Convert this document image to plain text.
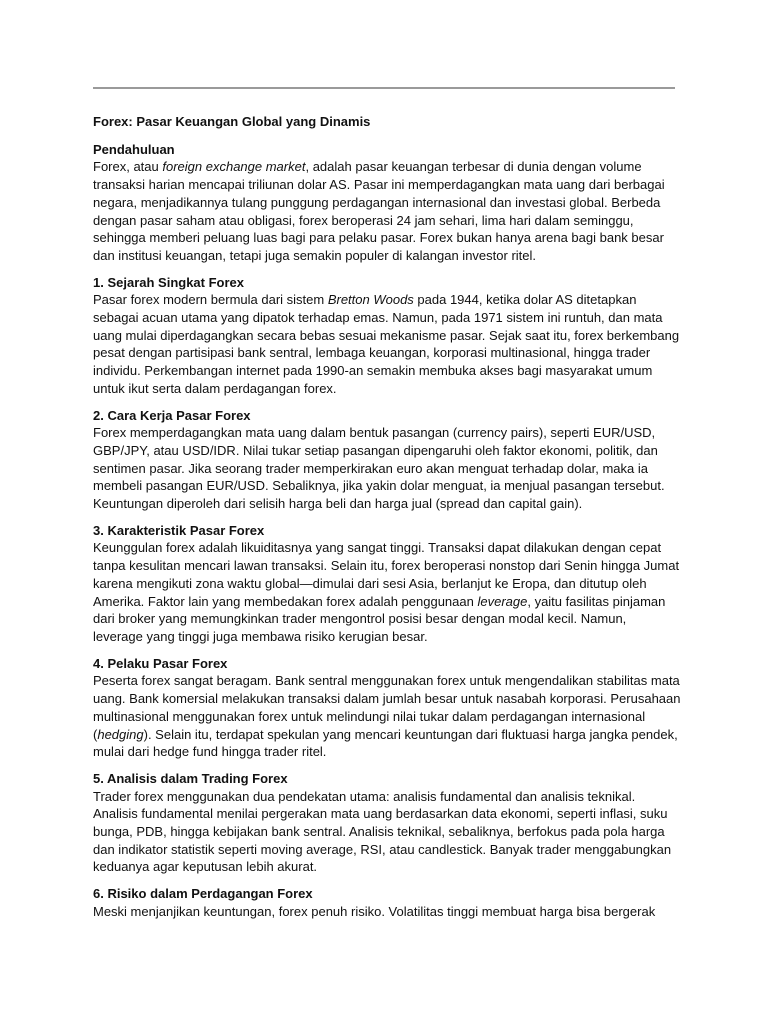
Forex: Pasar Keuangan Global yang Dinamis

Pendahuluan

Forex, atau foreign exchange market, adalah pasar keuangan terbesar di dunia dengan volume
transaksi harian mencapai triliunan dolar AS. Pasar ini memperdagangkan mata uang dari berbagai
negara, menjadikannya tulang punggung perdagangan internasional dan investasi global. Berbeda
dengan pasar saham atau obligasi, forex beroperasi 24 jam sehari, lima hari dalam seminggu,
sehingga memberi peluang luas bagi para pelaku pasar. Forex bukan hanya arena bagi bank besar
dan institusi keuangan, tetapi juga semakin populer di kalangan investor ritel.

1. Sejarah Singkat Forex

Pasar forex modern bermula dari sistem Bretton Woods pada 1944, ketika dolar AS ditetapkan
sebagai acuan utama yang dipatok terhadap emas. Namun, pada 1971 sistem ini runtuh, dan mata
uang mulai diperdagangkan secara bebas sesuai mekanisme pasar. Sejak saat itu, forex berkembang
pesat dengan partisipasi bank sentral, lembaga keuangan, korporasi multinasional, hingga trader
individu. Perkembangan internet pada 1990-an semakin membuka akses bagi masyarakat umum
untuk ikut serta dalam perdagangan forex.

2. Cara Kerja Pasar Forex

Forex memperdagangkan mata uang dalam bentuk pasangan (currency pairs), seperti EUR/USD,
GBP/JPY, atau USD/IDR. Nilai tukar setiap pasangan dipengaruhi oleh faktor ekonomi, politik, dan
sentimen pasar. Jika seorang trader memperkirakan euro akan menguat terhadap dolar, maka ia
membeli pasangan EUR/USD. Sebaliknya, jika yakin dolar menguat, ia menjual pasangan tersebut.
Keuntungan diperoleh dari selisih harga beli dan harga jual (spread dan capital gain).

3. Karakteristik Pasar Forex

Keunggulan forex adalah likuiditasnya yang sangat tinggi. Transaksi dapat dilakukan dengan cepat
tanpa kesulitan mencari lawan transaksi. Selain itu, forex beroperasi nonstop dari Senin hingga Jumat
karena mengikuti zona waktu global—dimulai dari sesi Asia, berlanjut ke Eropa, dan ditutup oleh
Amerika. Faktor lain yang membedakan forex adalah penggunaan leverage, yaitu fasilitas pinjaman
dari broker yang memungkinkan trader mengontrol posisi besar dengan modal kecil. Namun,
leverage yang tinggi juga membawa risiko kerugian besar.

4. Pelaku Pasar Forex

Peserta forex sangat beragam. Bank sentral menggunakan forex untuk mengendalikan stabilitas mata
uang. Bank komersial melakukan transaksi dalam jumlah besar untuk nasabah korporasi. Perusahaan
multinasional menggunakan forex untuk melindungi nilai tukar dalam perdagangan internasional
(hedging). Selain itu, terdapat spekulan yang mencari keuntungan dari fluktuasi harga jangka pendek,
mulai dari hedge fund hingga trader ritel.

5. Analisis dalam Trading Forex

Trader forex menggunakan dua pendekatan utama: analisis fundamental dan analisis teknikal.
Analisis fundamental menilai pergerakan mata uang berdasarkan data ekonomi, seperti inflasi, suku
bunga, PDB, hingga kebijakan bank sentral. Analisis teknikal, sebaliknya, berfokus pada pola harga
dan indikator statistik seperti moving average, RSI, atau candlestick. Banyak trader menggabungkan
keduanya agar keputusan lebih akurat.

6. Risiko dalam Perdagangan Forex

Meski menjanjikan keuntungan, forex penuh risiko. Volatilitas tinggi membuat harga bisa bergerak
